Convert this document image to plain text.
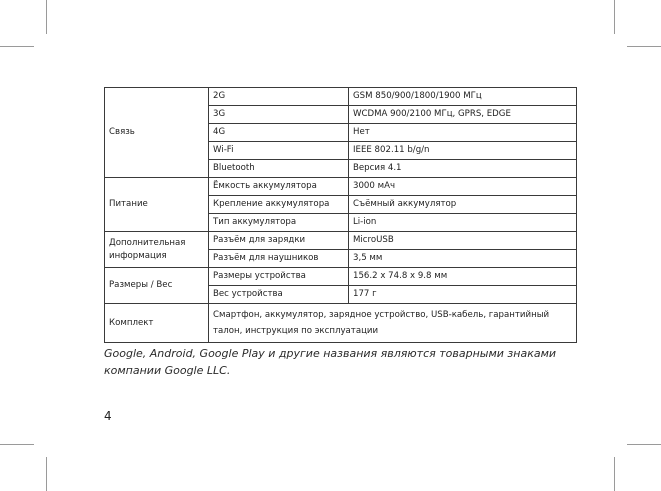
Связь	2G	GSM 850/900/1800/1900 МГц
	3G	WCDMA 900/2100 МГц, GPRS, EDGE
	4G	Нет
	Wi-Fi	IEEE 802.11 b/g/n
	Bluetooth	Версия 4.1
Питание	Ёмкость аккумулятора	3000 мАч
	Крепление аккумулятора	Съёмный аккумулятор
	Тип аккумулятора	Li-ion
Дополнительная информация	Разъём для зарядки	MicroUSB
	Разъём для наушников	3,5 мм
Размеры / Вес	Размеры устройства	156.2 x 74.8 x 9.8 мм
	Вес устройства	177 г
Комплект	Смартфон, аккумулятор, зарядное устройство, USB-кабель, гарантийный талон, инструкция по эксплуатации	

Google, Android, Google Play и другие названия являются товарными знаками компании Google LLC.

4
